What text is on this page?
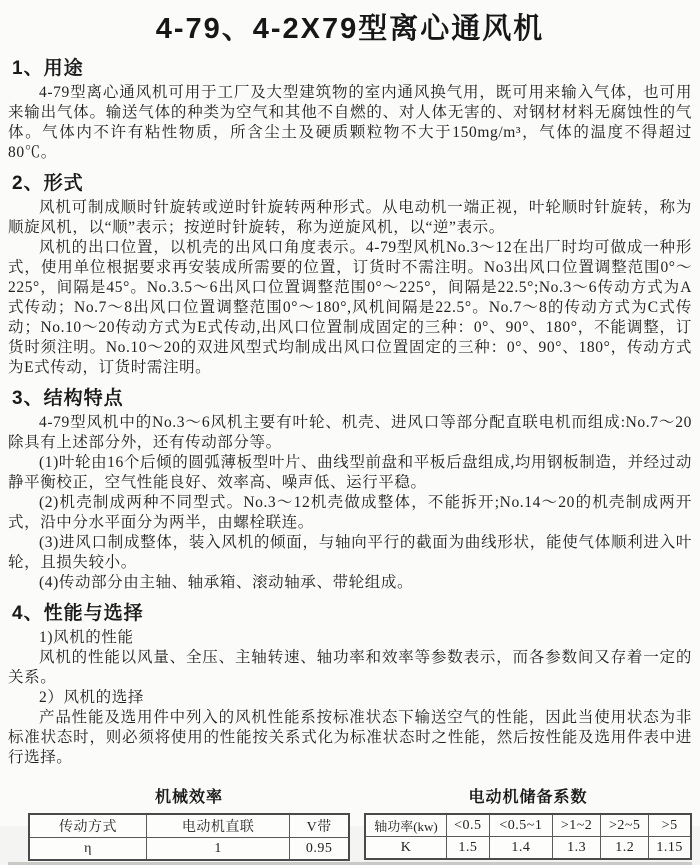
4-79、4-2X79型离心通风机
1、用途

4-79型离心通风机可用于工厂及大型建筑物的室内通风换气用，既可用来输入气体，也可用来输出气体。输送气体的种类为空气和其他不自燃的、对人体无害的、对钢材材料无腐蚀性的气体。气体内不许有粘性物质，所含尘土及硬质颗粒物不大于150mg/m³，气体的温度不得超过80℃。

2、形式

风机可制成顺时针旋转或逆时针旋转两种形式。从电动机一端正视，叶轮顺时针旋转，称为顺旋风机，以“顺”表示；按逆时针旋转，称为逆旋风机，以“逆”表示。

风机的出口位置，以机壳的出风口角度表示。4-79型风机No.3～12在出厂时均可做成一种形式，使用单位根据要求再安装成所需要的位置，订货时不需注明。No3出风口位置调整范围0°～225°，间隔是45°。No.3.5～6出风口位置调整范围0°～225°，间隔是22.5°;No.3～6传动方式为A式传动；No.7～8出风口位置调整范围0°～180°,风机间隔是22.5°。No.7～8的传动方式为C式传动；No.10～20传动方式为E式传动,出风口位置制成固定的三种：0°、90°、180°，不能调整，订货时须注明。No.10～20的双进风型式均制成出风口位置固定的三种：0°、90°、180°，传动方式为E式传动，订货时需注明。

3、结构特点

4-79型风机中的No.3～6风机主要有叶轮、机壳、进风口等部分配直联电机而组成:No.7～20除具有上述部分外，还有传动部分等。

(1)叶轮由16个后倾的圆弧薄板型叶片、曲线型前盘和平板后盘组成,均用钢板制造，并经过动静平衡校正，空气性能良好、效率高、噪声低、运行平稳。

(2)机壳制成两种不同型式。No.3～12机壳做成整体，不能拆开;No.14～20的机壳制成两开式，沿中分水平面分为两半，由螺栓联连。

(3)进风口制成整体，装入风机的倾面，与轴向平行的截面为曲线形状，能使气体顺利进入叶轮，且损失较小。

(4)传动部分由主轴、轴承箱、滚动轴承、带轮组成。

4、性能与选择

1)风机的性能

风机的性能以风量、全压、主轴转速、轴功率和效率等参数表示，而各参数间又存着一定的关系。

2）风机的选择

产品性能及选用件中列入的风机性能系按标准状态下输送空气的性能，因此当使用状态为非标准状态时，则必须将使用的性能按关系式化为标准状态时之性能，然后按性能及选用件表中进行选择。

机械效率
传动方式	电动机直联	V带
η	1	0.95
电动机储备系数
轴功率(kw)	<0.5	<0.5~1	>1~2	>2~5	>5
K	1.5	1.4	1.3	1.2	1.15
